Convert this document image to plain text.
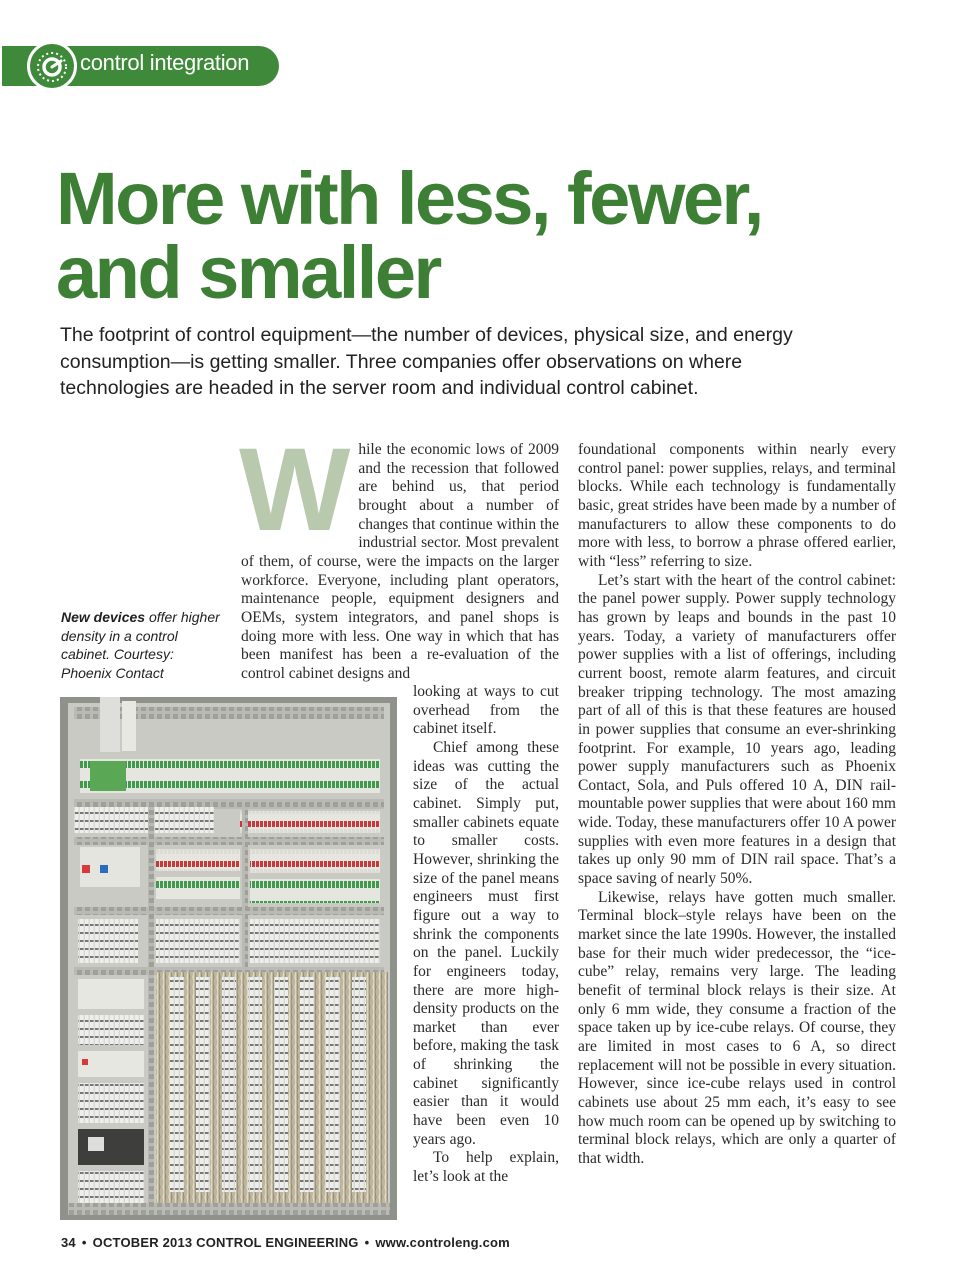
control integration
More with less, fewer,
and smaller

The footprint of control equipment—the number of devices, physical size, and energy consumption—is getting smaller. Three companies offer observations on where technologies are headed in the server room and individual control cabinet.

While the economic lows of 2009 and the recession that followed are behind us, that period brought about a number of changes that continue within the industrial sector. Most prevalent of them, of course, were the impacts on the larger workforce. Everyone, including plant operators, maintenance people, equipment designers and OEMs, system integrators, and panel shops is doing more with less. One way in which that has been manifest has been a re-evaluation of the control cabinet designs and

New devices offer higher density in a control cabinet. Courtesy: Phoenix Contact

looking at ways to cut overhead from the cabinet itself.

Chief among these ideas was cutting the size of the actual cabinet. Simply put, smaller cabinets equate to smaller costs. However, shrinking the size of the panel means engineers must first figure out a way to shrink the components on the panel. Luckily for engineers today, there are more high-density products on the market than ever before, making the task of shrinking the cabinet significantly easier than it would have been even 10 years ago.

To help explain, let’s look at the

foundational components within nearly every control panel: power supplies, relays, and terminal blocks. While each technology is fundamentally basic, great strides have been made by a number of manufacturers to allow these components to do more with less, to borrow a phrase offered earlier, with “less” referring to size.

Let’s start with the heart of the control cabinet: the panel power supply. Power supply technology has grown by leaps and bounds in the past 10 years. Today, a variety of manufacturers offer power supplies with a list of offerings, including current boost, remote alarm features, and circuit breaker tripping technology. The most amazing part of all of this is that these features are housed in power supplies that consume an ever-shrinking footprint. For example, 10 years ago, leading power supply manufacturers such as Phoenix Contact, Sola, and Puls offered 10 A, DIN rail-mountable power supplies that were about 160 mm wide. Today, these manufacturers offer 10 A power supplies with even more features in a design that takes up only 90 mm of DIN rail space. That’s a space saving of nearly 50%.

Likewise, relays have gotten much smaller. Terminal block–style relays have been on the market since the late 1990s. However, the installed base for their much wider predecessor, the “ice-cube” relay, remains very large. The leading benefit of terminal block relays is their size. At only 6 mm wide, they consume a fraction of the space taken up by ice-cube relays. Of course, they are limited in most cases to 6 A, so direct replacement will not be possible in every situation. However, since ice-cube relays used in control cabinets use about 25 mm each, it’s easy to see how much room can be opened up by switching to terminal block relays, which are only a quarter of that width.

34 • OCTOBER 2013 CONTROL ENGINEERING • www.controleng.com
